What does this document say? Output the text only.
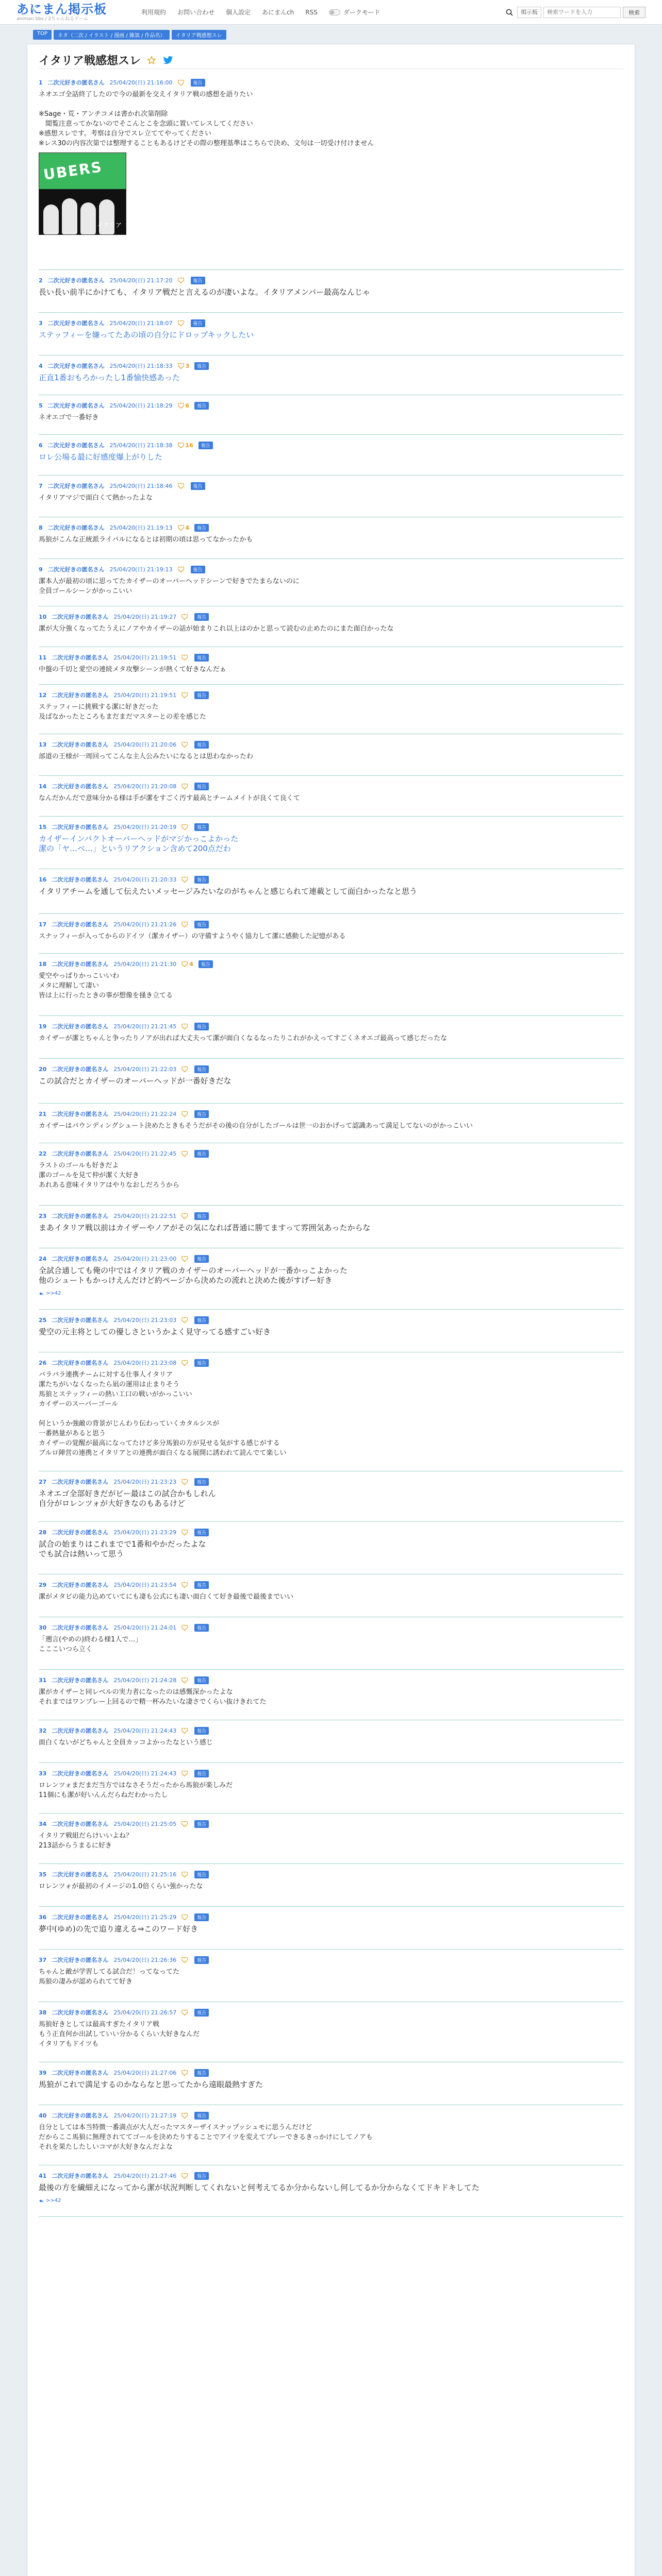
あにまん掲示板
animan bbs / 2ちゃんねるゲーム
利用規約 お問い合わせ 個人設定 あにまんch RSS	ダークモード	掲示板
検索ワードを入力	検索
TOP	ネタ（二次 / イラスト / 漫画 / 雑談 / 作品名）	イタリア戦感想スレ
イタリア戦感想スレ
1 二次元好きの匿名さん 25/04/20(日) 21:16:00	報告
ネオエゴ全話終了したので今の最新を交えイタリア戦の感想を語りたい

※Sage・荒・アンチコメは書かれ次第削除
　閲覧注意ってかないのでそこんとこを念頭に置いてレスしてください
※感想スレです。考察は自分でスレ立ててやってください
※レス30の内容次第では整理することもあるけどその際の整理基準はこちらで決め、文句は一切受け付けません
UBERS
イタリア
2 二次元好きの匿名さん 25/04/20(日) 21:17:20	報告
長い長い前半にかけても、イタリア戦だと言えるのが凄いよな。イタリアメンバー最高なんじゃ
3 二次元好きの匿名さん 25/04/20(日) 21:18:07	報告
ステッフィーを嫌ってたあの頃の自分にドロップキックしたい
4 二次元好きの匿名さん 25/04/20(日) 21:18:33 3	報告
正直1番おもろかったし1番愉快感あった
5 二次元好きの匿名さん 25/04/20(日) 21:18:29 6	報告
ネオエゴで一番好き
6 二次元好きの匿名さん 25/04/20(日) 21:18:38 16	報告
ロレ公場る最に好感度爆上がりした
7 二次元好きの匿名さん 25/04/20(日) 21:18:46	報告
イタリアマジで面白くて熱かったよな
8 二次元好きの匿名さん 25/04/20(日) 21:19:13 4	報告
馬狼がこんな正統派ライバルになるとは初期の頃は思ってなかったかも
9 二次元好きの匿名さん 25/04/20(日) 21:19:13	報告
潔本人が最初の頃に思ってたカイザーのオーバーヘッドシーンで好きでたまらないのに
全員ゴールシーンがかっこいい
10 二次元好きの匿名さん 25/04/20(日) 21:19:27	報告
潔が大分強くなってたうえにノアやカイザーの話が始まりこれ以上はのかと思って読むの止めたのにまた面白かったな
11 二次元好きの匿名さん 25/04/20(日) 21:19:51	報告
中盤の千切と愛空の連続メタ攻撃シーンが熱くて好きなんだぁ
12 二次元好きの匿名さん 25/04/20(日) 21:19:51	報告
ステッフィーに挑戦する潔に好きだった
及ばなかったところもまだまだマスターとの差を感じた
13 二次元好きの匿名さん 25/04/20(日) 21:20:06	報告
部道の王様が一周回ってこんな主人公みたいになるとは思わなかったわ
14 二次元好きの匿名さん 25/04/20(日) 21:20:08	報告
なんだかんだで意味分かる様は手が潔をすごく汚す最高とチームメイトが良くて良くて
15 二次元好きの匿名さん 25/04/20(日) 21:20:19	報告
カイザーインパクトオーバーヘッドがマジかっこよかった
潔の「ヤ…ベ…」というリアクション含めて200点だわ
16 二次元好きの匿名さん 25/04/20(日) 21:20:33	報告
イタリアチームを通して伝えたいメッセージみたいなのがちゃんと感じられて連載として面白かったなと思う
17 二次元好きの匿名さん 25/04/20(日) 21:21:26	報告
スナッフィーが入ってからのドイツ（潔カイザー）の守備すようやく協力して潔に感動した記憶がある
18 二次元好きの匿名さん 25/04/20(日) 21:21:30 4	報告
愛空やっぱりかっこいいわ
メタに理解して凄い
皆は上に行ったときの事が想像を掻き立てる
19 二次元好きの匿名さん 25/04/20(日) 21:21:45	報告
カイザーが潔とちゃんと争ったりノアが出れば大丈夫って潔が面白くなるなったりこれがかえってすごくネオエゴ最高って感じだったな
20 二次元好きの匿名さん 25/04/20(日) 21:22:03	報告
この試合だとカイザーのオーバーヘッドが一番好きだな
21 二次元好きの匿名さん 25/04/20(日) 21:22:24	報告
カイザーはバウンディングシュート決めたときもそうだがその後の自分がしたゴールは世一のおかげって認識あって満足してないのがかっこいい
22 二次元好きの匿名さん 25/04/20(日) 21:22:45	報告
ラストのゴールも好きだよ
潔のゴールを見て仲が潔く大好き
あれある意味イタリアはやりなおしだろうから
23 二次元好きの匿名さん 25/04/20(日) 21:22:51	報告
まあイタリア戦以前はカイザーやノアがその気になれば普通に勝てますって雰囲気あったからな
24 二次元好きの匿名さん 25/04/20(日) 21:23:00	報告
全試合通しても俺の中ではイタリア戦のカイザーのオーバーヘッドが一番かっこよかった
他のシュートもかっけえんだけど約ページから決めたの流れと決めた後がすげー好き
>>42
25 二次元好きの匿名さん 25/04/20(日) 21:23:03	報告
愛空の元主将としての優しさというかよく見守ってる感すごい好き
26 二次元好きの匿名さん 25/04/20(日) 21:23:08	報告
バラバラ連携チームに対する仕事人イタリア
潔たちがいなくなったら凪の運用は止まりそう
馬狼とステッフィーの熱い工口の戦いがかっこいい
カイザーのスーパーゴール

何というか強敵の背景がじんわり伝わっていくカタルシスが
一番熱量があると思う
カイザーの覚醒が最高になってたけど多分馬狼の方が見せる気がする感じがする
ブルロ陣営の連携とイタリアとの連携が面白くなる展開に誘われて読んでて楽しい
27 二次元好きの匿名さん 25/04/20(日) 21:23:23	報告
ネオエゴ全部好きだがビー最はこの試合かもしれん
自分がロレンツォが大好きなのもあるけど
28 二次元好きの匿名さん 25/04/20(日) 21:23:29	報告
試合の始まりはこれまでで1番和やかだったよな
でも試合は熱いって思う
29 二次元好きの匿名さん 25/04/20(日) 21:23:54	報告
潔がメタビの能力込めていてにも凄も公式にも凄い面白くて好き最後で最後までいい
30 二次元好きの匿名さん 25/04/20(日) 21:24:01	報告
「遡言(やめの)終わる様1人で…」
こここいつら立く
31 二次元好きの匿名さん 25/04/20(日) 21:24:28	報告
潔がカイザーと同レベルの実力者になったのは感慨深かったよな
それまではワンプレー上回るので精一杯みたいな凄さでくらい抜けきれてた
32 二次元好きの匿名さん 25/04/20(日) 21:24:43	報告
面白くないがどちゃんと全員カッコよかったなという感じ
33 二次元好きの匿名さん 25/04/20(日) 21:24:43	報告
ロレンツォまだまだ当方ではなさそうだったから馬狼が楽しみだ
11個にも潔が好いんんだらねだわかったし
34 二次元好きの匿名さん 25/04/20(日) 21:25:05	報告
イタリア戦組だらけいいよね？
213話からうまるに好き
35 二次元好きの匿名さん 25/04/20(日) 21:25:16	報告
ロレンツォが最初のイメージの1.0倍くらい強かったな
36 二次元好きの匿名さん 25/04/20(日) 21:25:29	報告
夢中(ゆめ)の先で追り違える⇒このワード好き
37 二次元好きの匿名さん 25/04/20(日) 21:26:36	報告
ちゃんと敵が学習してる試合だ！ってなってた
馬狼の凄みが認められてて好き
38 二次元好きの匿名さん 25/04/20(日) 21:26:57	報告
馬狼好きとしては最高すぎたイタリア戦
もう正直何か出試していい分かるくらい大好きなんだ
イタリアもドイツも
39 二次元好きの匿名さん 25/04/20(日) 21:27:06	報告
馬狼がこれで満足するのかならなと思ってたから遠眼最熱すぎた
40 二次元好きの匿名さん 25/04/20(日) 21:27:19	報告
自分としては本当特徴一番満点が大人だったマスターザイスナップッシュモに思うんだけど
だからここ馬狼に無理されててゴールを決めたりすることでアイツを変えてプレーできるきっかけにしてノアも
それを果たしたしいコマが大好きなんだよな
41 二次元好きの匿名さん 25/04/20(日) 21:27:46	報告
最後の方を繊細えになってから潔が状況判断してくれないと何考えてるか分からないし何してるか分からなくてドキドキしてた
>>42
